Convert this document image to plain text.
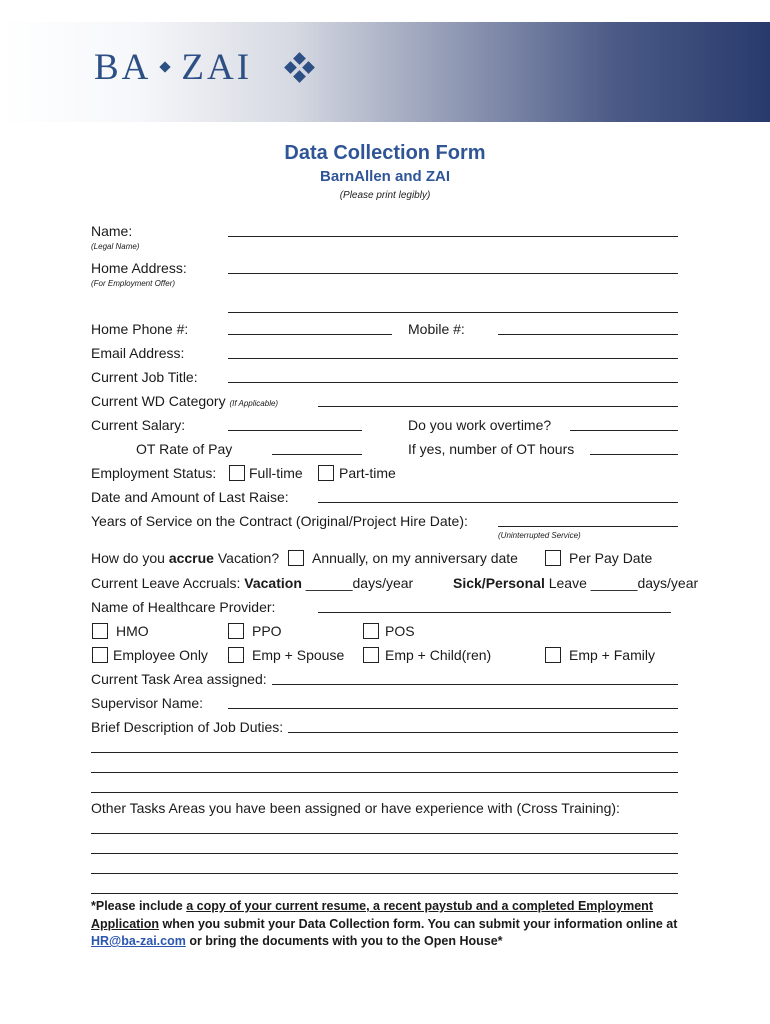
BA ZAI
Data Collection Form
BarnAllen and ZAI
(Please print legibly)
Name:
(Legal Name)
Home Address:
(For Employment Offer)
Home Phone #:	Mobile #:
Email Address:
Current Job Title:
Current WD Category (If Applicable)
Current Salary:	Do you work overtime?
OT Rate of Pay	If yes, number of OT hours
Employment Status: Full-time	Part-time
Date and Amount of Last Raise:
Years of Service on the Contract (Original/Project Hire Date):
(Uninterrupted Service)
How do you accrue Vacation? Annually, on my anniversary date	Per Pay Date
Current Leave Accruals: Vacation ______days/year	Sick/Personal Leave ______days/year
Name of Healthcare Provider:
HMO	PPO	POS
Employee Only	Emp + Spouse	Emp + Child(ren)	Emp + Family
Current Task Area assigned:
Supervisor Name:
Brief Description of Job Duties:
Other Tasks Areas you have been assigned or have experience with (Cross Training):
*Please include a copy of your current resume, a recent paystub and a completed Employment Application when you submit your Data Collection form. You can submit your information online at HR@ba-zai.com or bring the documents with you to the Open House*
